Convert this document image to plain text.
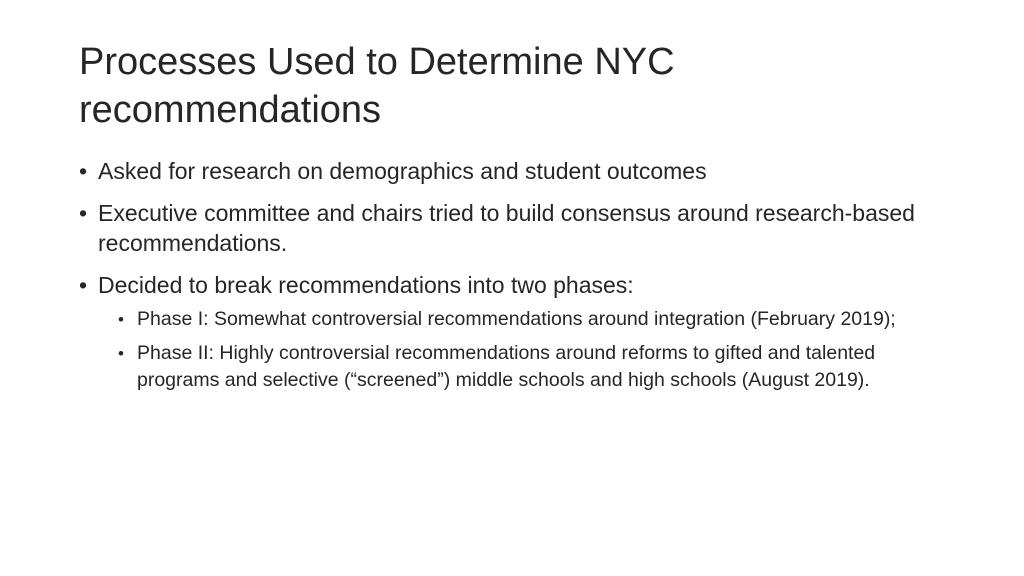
Processes Used to Determine NYC recommendations
• Asked for research on demographics and student outcomes
• Executive committee and chairs tried to build consensus around research-based recommendations.
• Decided to break recommendations into two phases:
• Phase I: Somewhat controversial recommendations around integration (February 2019);
• Phase II: Highly controversial recommendations around reforms to gifted and talented programs and selective (“screened”) middle schools and high schools (August 2019).
